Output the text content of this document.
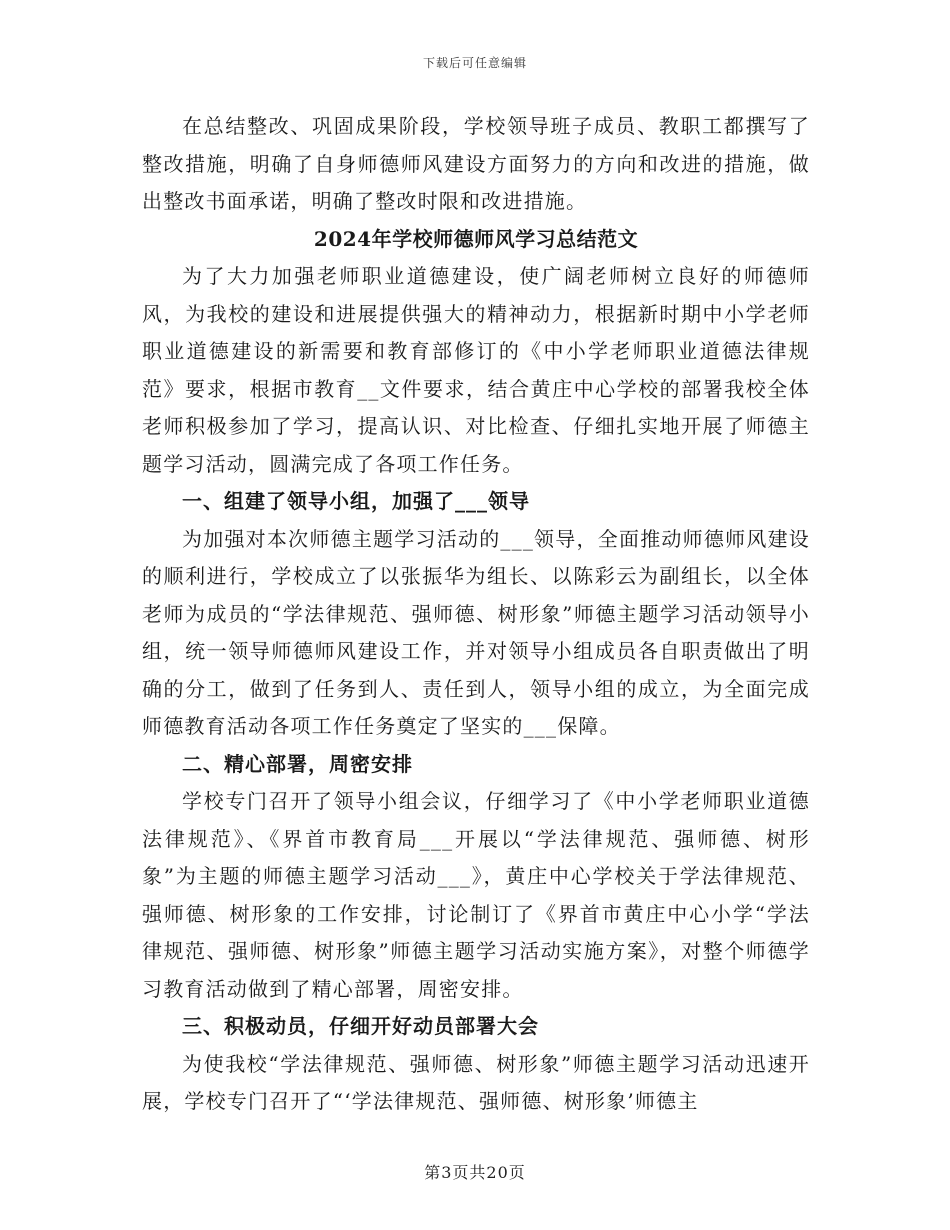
下载后可任意编辑

在总结整改、巩固成果阶段，学校领导班子成员、教职工都撰写了整改措施，明确了自身师德师风建设方面努力的方向和改进的措施，做出整改书面承诺，明确了整改时限和改进措施。

2024年学校师德师风学习总结范文

为了大力加强老师职业道德建设，使广阔老师树立良好的师德师风，为我校的建设和进展提供强大的精神动力，根据新时期中小学老师职业道德建设的新需要和教育部修订的《中小学老师职业道德法律规范》要求，根据市教育__文件要求，结合黄庄中心学校的部署我校全体老师积极参加了学习，提高认识、对比检查、仔细扎实地开展了师德主题学习活动，圆满完成了各项工作任务。

一、组建了领导小组，加强了___领导

为加强对本次师德主题学习活动的___领导，全面推动师德师风建设的顺利进行，学校成立了以张振华为组长、以陈彩云为副组长，以全体老师为成员的“学法律规范、强师德、树形象”师德主题学习活动领导小组，统一领导师德师风建设工作，并对领导小组成员各自职责做出了明确的分工，做到了任务到人、责任到人，领导小组的成立，为全面完成师德教育活动各项工作任务奠定了坚实的___保障。

二、精心部署，周密安排

学校专门召开了领导小组会议，仔细学习了《中小学老师职业道德法律规范》、《界首市教育局___开展以“学法律规范、强师德、树形象”为主题的师德主题学习活动___》，黄庄中心学校关于学法律规范、强师德、树形象的工作安排，讨论制订了《界首市黄庄中心小学“学法律规范、强师德、树形象”师德主题学习活动实施方案》，对整个师德学习教育活动做到了精心部署，周密安排。

三、积极动员，仔细开好动员部署大会

为使我校“学法律规范、强师德、树形象”师德主题学习活动迅速开展，学校专门召开了“‘学法律规范、强师德、树形象’师德主

第3页共20页
